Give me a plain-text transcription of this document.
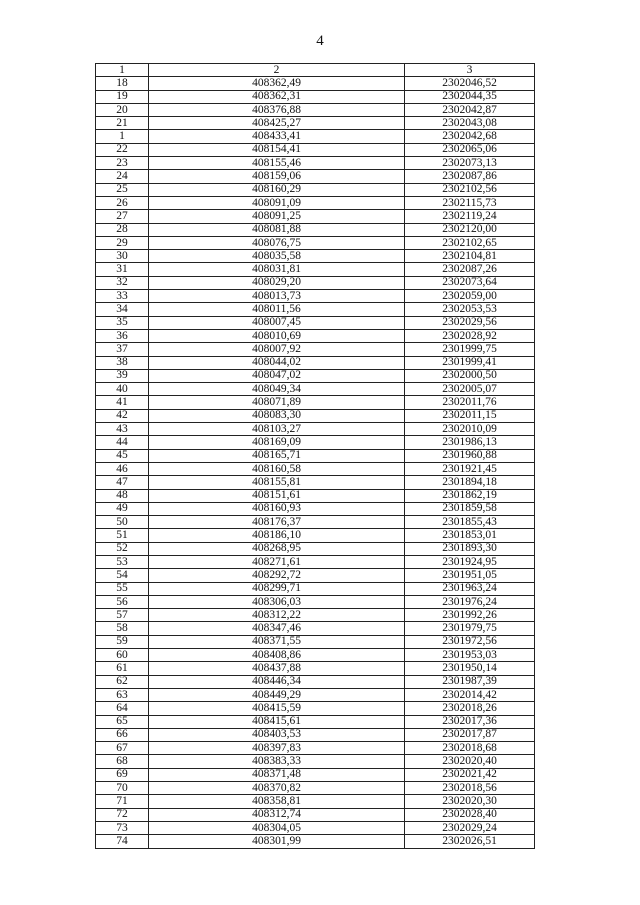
4
1	2	3
18	408362,49	2302046,52
19	408362,31	2302044,35
20	408376,88	2302042,87
21	408425,27	2302043,08
1	408433,41	2302042,68
22	408154,41	2302065,06
23	408155,46	2302073,13
24	408159,06	2302087,86
25	408160,29	2302102,56
26	408091,09	2302115,73
27	408091,25	2302119,24
28	408081,88	2302120,00
29	408076,75	2302102,65
30	408035,58	2302104,81
31	408031,81	2302087,26
32	408029,20	2302073,64
33	408013,73	2302059,00
34	408011,56	2302053,53
35	408007,45	2302029,56
36	408010,69	2302028,92
37	408007,92	2301999,75
38	408044,02	2301999,41
39	408047,02	2302000,50
40	408049,34	2302005,07
41	408071,89	2302011,76
42	408083,30	2302011,15
43	408103,27	2302010,09
44	408169,09	2301986,13
45	408165,71	2301960,88
46	408160,58	2301921,45
47	408155,81	2301894,18
48	408151,61	2301862,19
49	408160,93	2301859,58
50	408176,37	2301855,43
51	408186,10	2301853,01
52	408268,95	2301893,30
53	408271,61	2301924,95
54	408292,72	2301951,05
55	408299,71	2301963,24
56	408306,03	2301976,24
57	408312,22	2301992,26
58	408347,46	2301979,75
59	408371,55	2301972,56
60	408408,86	2301953,03
61	408437,88	2301950,14
62	408446,34	2301987,39
63	408449,29	2302014,42
64	408415,59	2302018,26
65	408415,61	2302017,36
66	408403,53	2302017,87
67	408397,83	2302018,68
68	408383,33	2302020,40
69	408371,48	2302021,42
70	408370,82	2302018,56
71	408358,81	2302020,30
72	408312,74	2302028,40
73	408304,05	2302029,24
74	408301,99	2302026,51
